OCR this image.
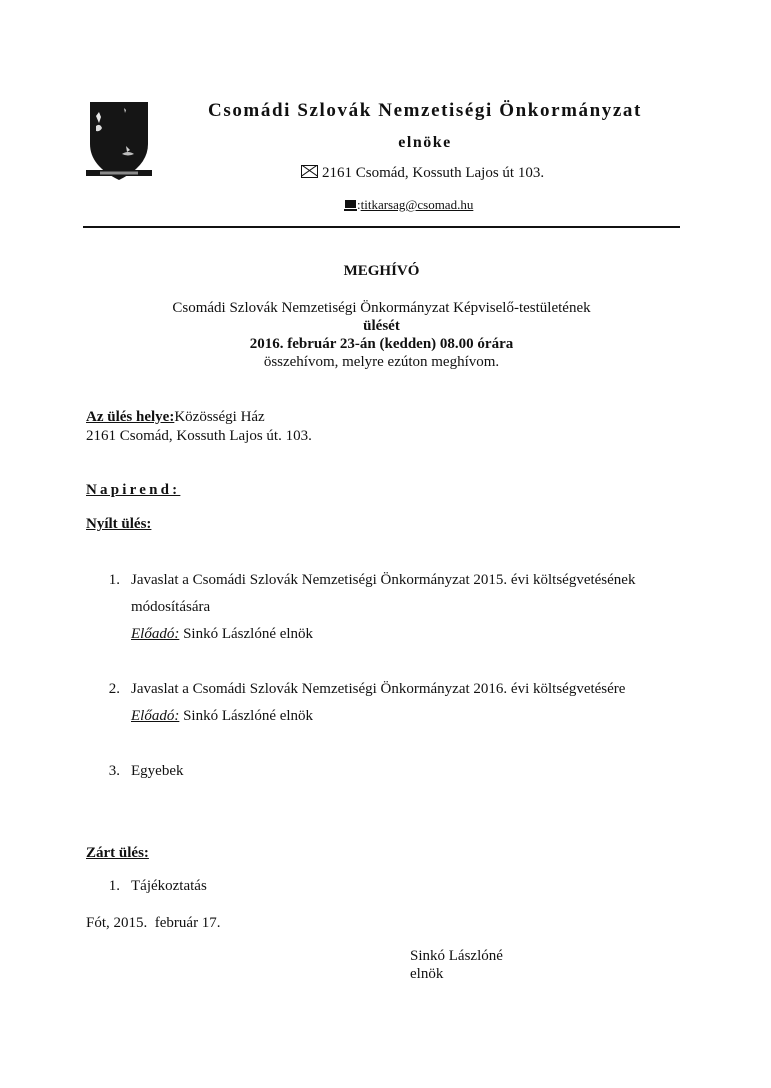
Csomádi Szlovák Nemzetiségi Önkormányzat
elnöke
2161 Csomád, Kossuth Lajos út 103.
:titkarsag@csomad.hu
MEGHÍVÓ
Csomádi Szlovák Nemzetiségi Önkormányzat Képviselő-testületének
ülését
2016. február 23-án (kedden) 08.00 órára
összehívom, melyre ezúton meghívom.
Az ülés helye:Közösségi Ház
2161 Csomád, Kossuth Lajos út. 103.
Napirend:
Nyílt ülés:
1. Javaslat a Csomádi Szlovák Nemzetiségi Önkormányzat 2015. évi költségvetésének
módosítására
Előadó: Sinkó Lászlóné elnök
2. Javaslat a Csomádi Szlovák Nemzetiségi Önkormányzat 2016. évi költségvetésére
Előadó: Sinkó Lászlóné elnök
3. Egyebek
Zárt ülés:
1. Tájékoztatás
Fót, 2015.  február 17.
Sinkó Lászlóné
elnök
